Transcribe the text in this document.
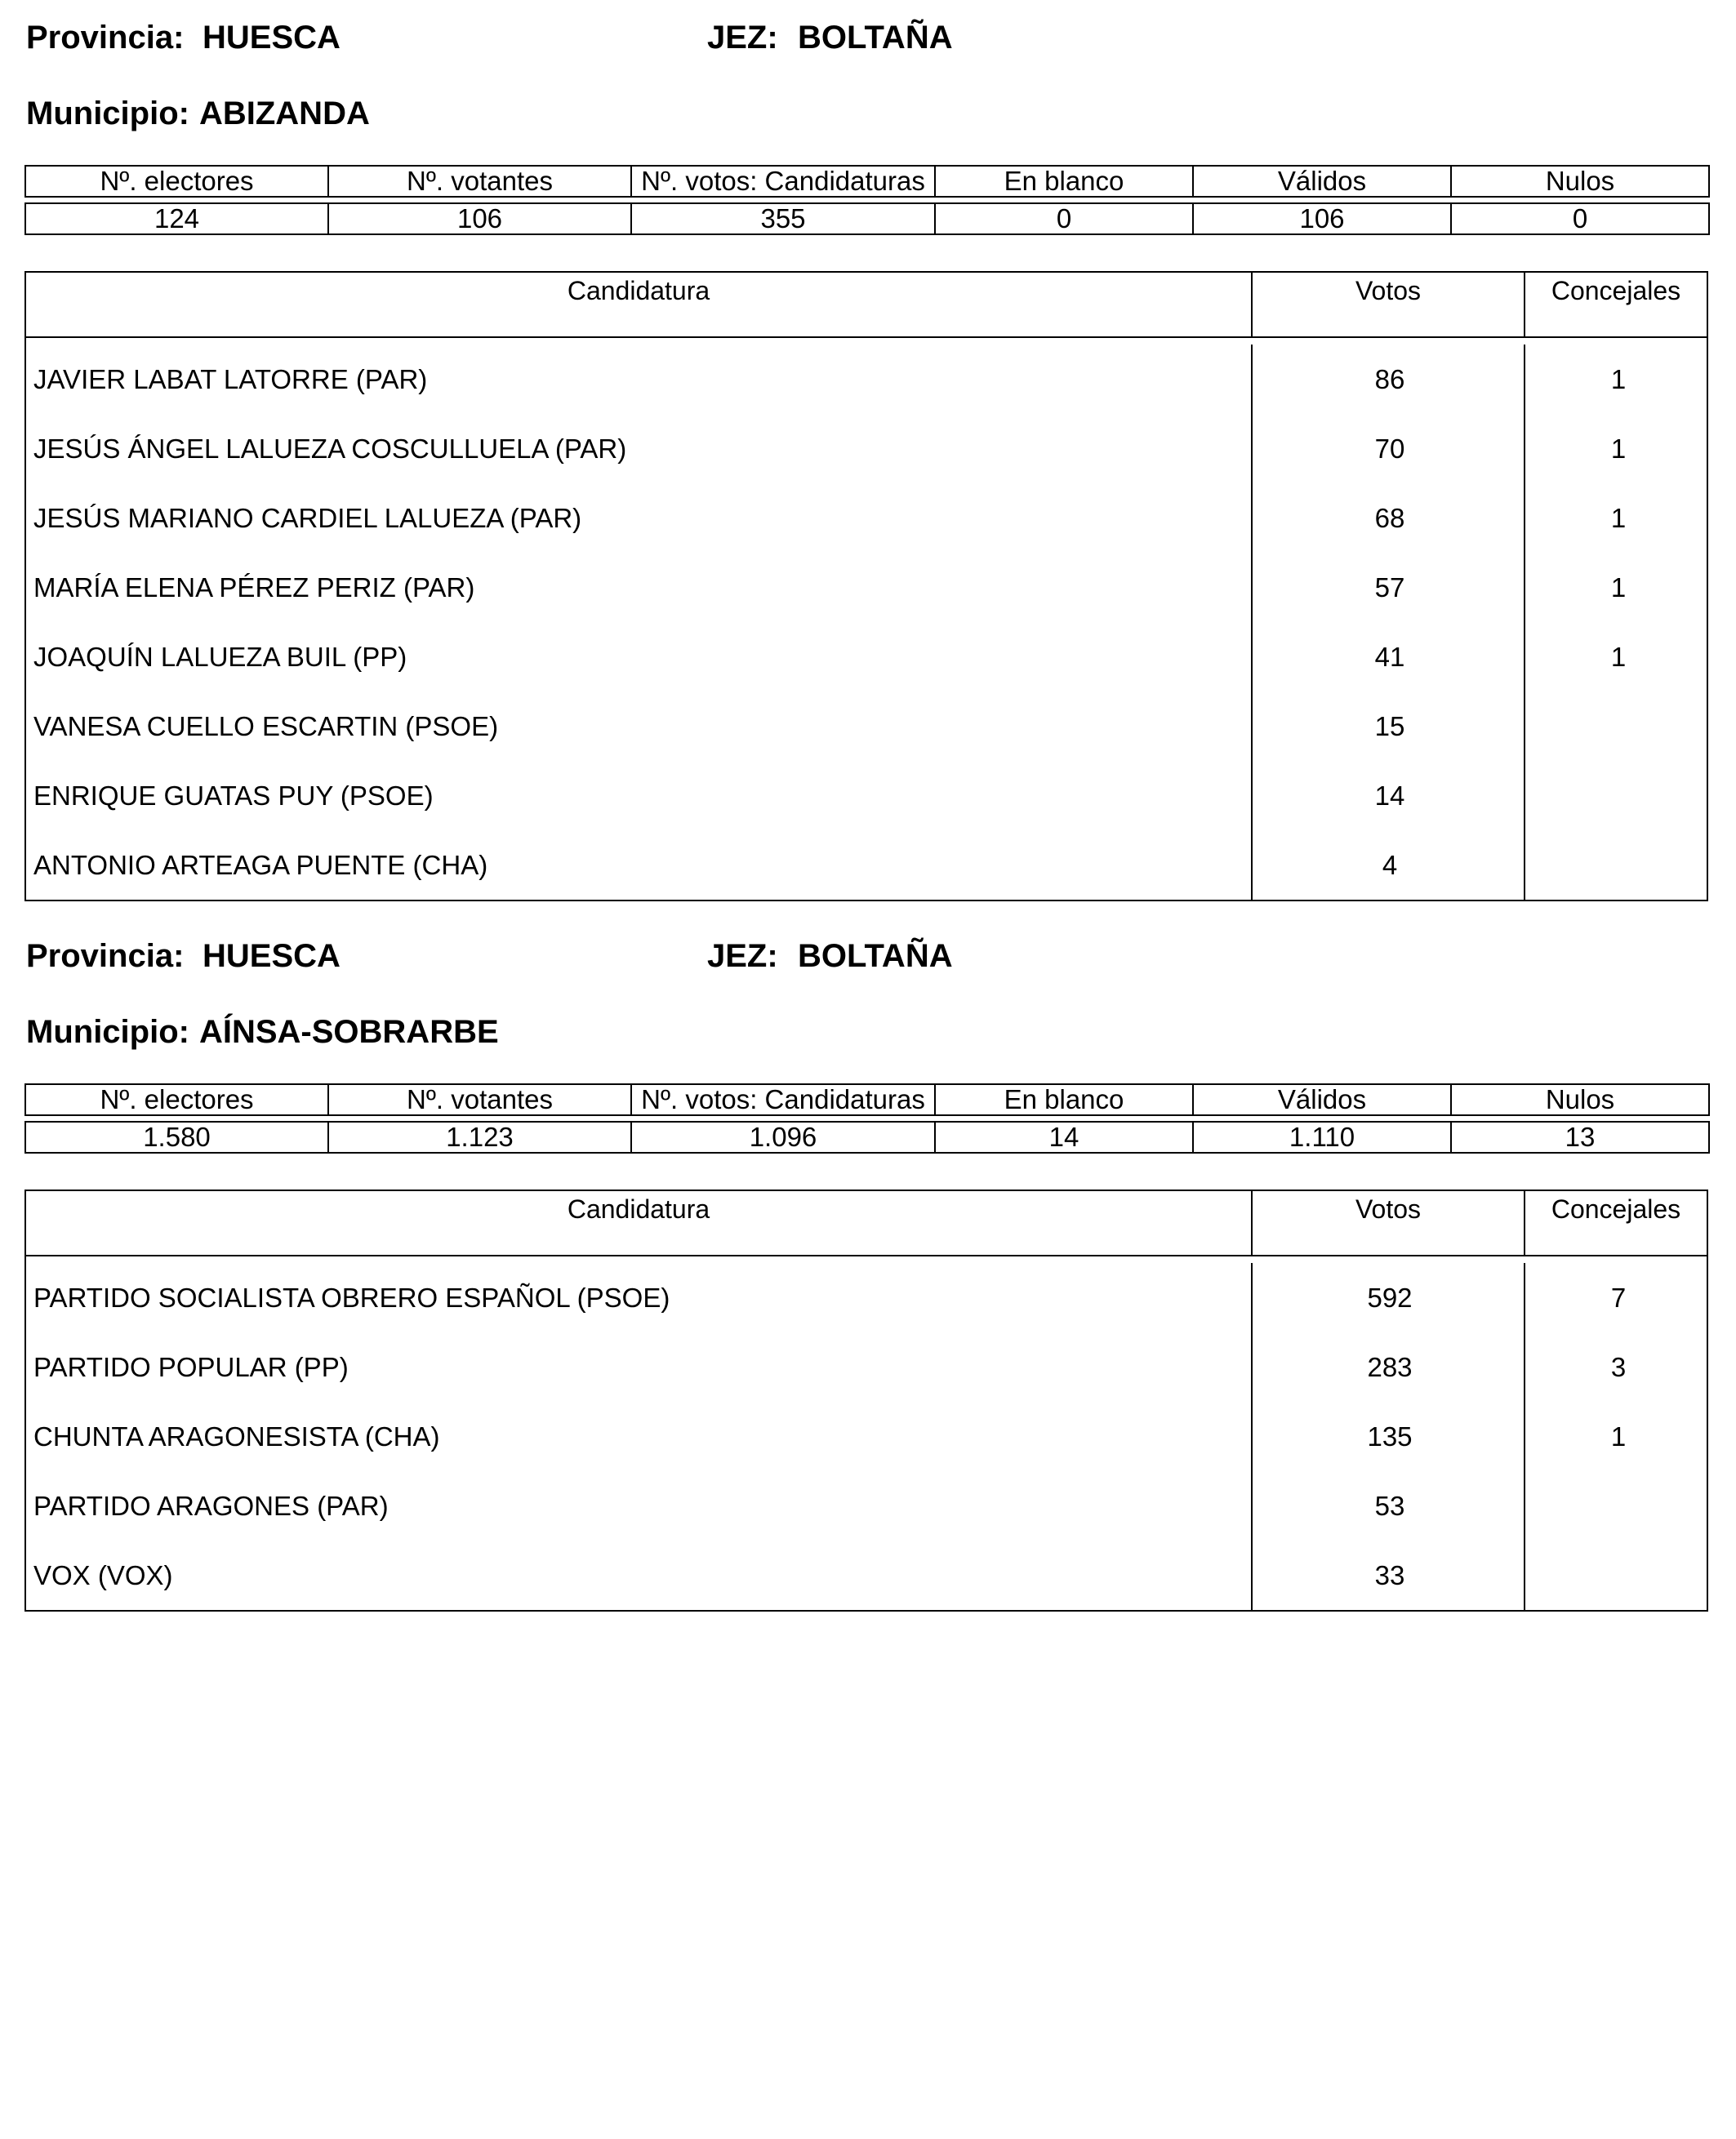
Provincia: HUESCA	JEZ: BOLTAÑA
Municipio: ABIZANDA
Nº. electores	Nº. votantes	Nº. votos: Candidaturas	En blanco	Válidos	Nulos

124	106	355	0	106	0
Candidatura	Votos	Concejales
JAVIER LABAT LATORRE (PAR)	86	1
JESÚS ÁNGEL LALUEZA COSCULLUELA (PAR)	70	1
JESÚS MARIANO CARDIEL LALUEZA (PAR)	68	1
MARÍA ELENA PÉREZ PERIZ (PAR)	57	1
JOAQUÍN LALUEZA BUIL (PP)	41	1
VANESA CUELLO ESCARTIN (PSOE)	15
ENRIQUE GUATAS PUY (PSOE)	14
ANTONIO ARTEAGA PUENTE (CHA)	4
Provincia: HUESCA	JEZ: BOLTAÑA
Municipio: AÍNSA-SOBRARBE
Nº. electores	Nº. votantes	Nº. votos: Candidaturas	En blanco	Válidos	Nulos

1.580	1.123	1.096	14	1.110	13
Candidatura	Votos	Concejales
PARTIDO SOCIALISTA OBRERO ESPAÑOL (PSOE)	592	7
PARTIDO POPULAR (PP)	283	3
CHUNTA ARAGONESISTA (CHA)	135	1
PARTIDO ARAGONES (PAR)	53
VOX (VOX)	33
